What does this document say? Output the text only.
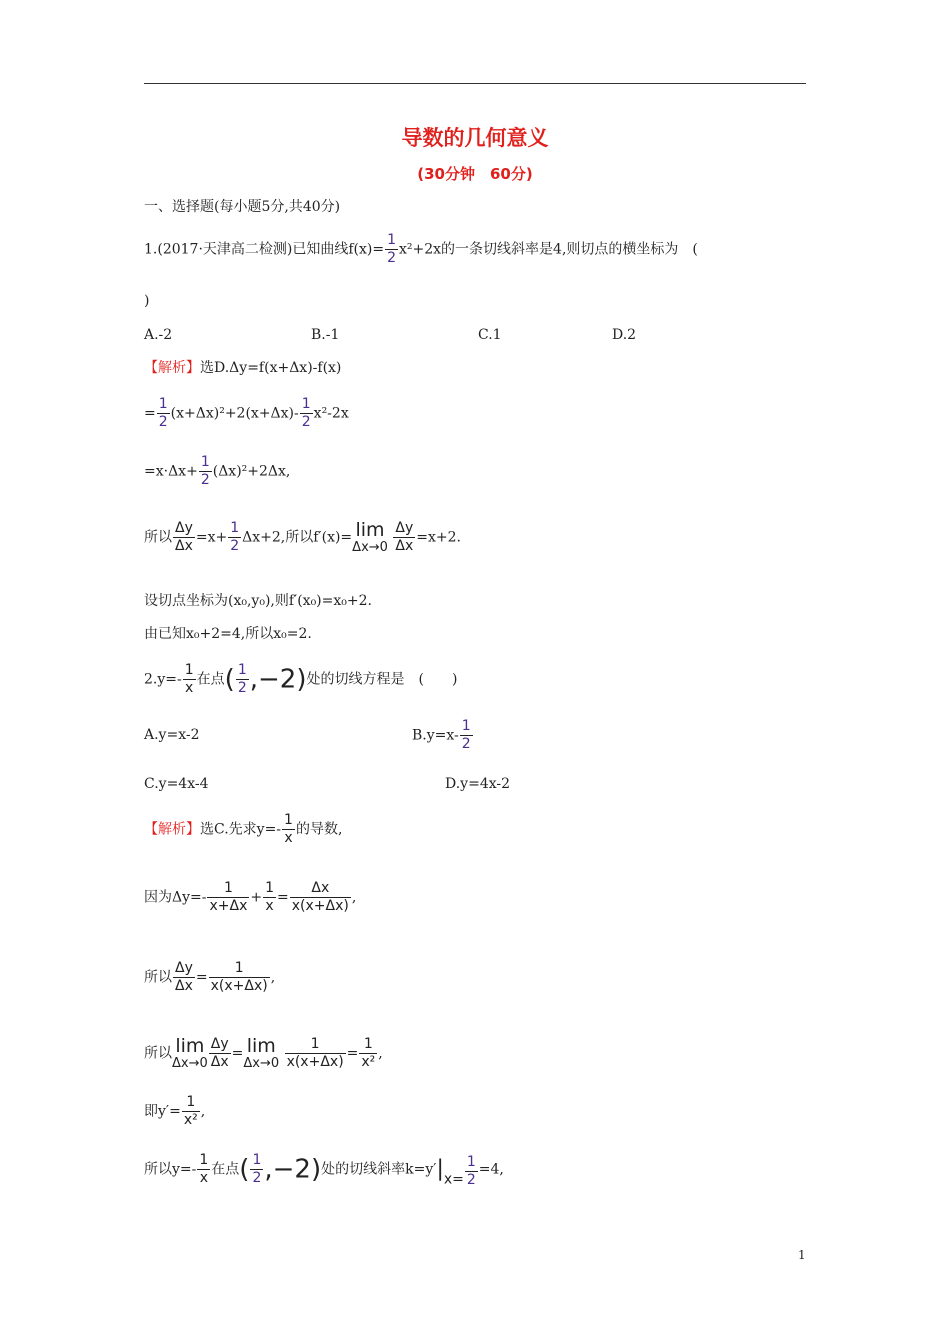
导数的几何意义
(30分钟　60分)
一、选择题(每小题5分,共40分)
1.(2017·天津高二检测)已知曲线$f(x)= \frac{1}{2} x^2+2x$的一条切线斜率是4,则切点的横坐标为　(
)
A.-2	B.-1	C.1	D.2
【解析】选D.Δy=f(x+Δx)-f(x)
= $\frac{1}{2} (x+\Delta x)^2+2(x+\Delta x)- \frac{1}{2} x^2-2x$
$=x\cdot\Delta x+ \frac{1}{2} (\Delta x)^2+2\Delta x$,
所以 $\frac{\Delta y}{\Delta x} =x+ \frac{1}{2} \Delta x+2$,所以f′(x)= lim
Δx→0
$\frac{\Delta y}{\Delta x} =x+2$.
设切点坐标为(x₀,y₀),则f′(x₀)=x₀+2.
由已知x₀+2=4,所以x₀=2.
$2.y=- \frac{1}{x}$ 在点( $\frac{1}{2} ,-2$)处的切线方程是　(　　)
A.y=x-2	$B.y=x- \frac{1}{2}$
C.y=4x-4	D.y=4x-2
【解析】选C.先求$y=- \frac{1}{x}$ 的导数,
因为$\Delta y=- \frac{1}{x+\Delta x} + \frac{1}{x} = \frac{\Delta x}{x(x+\Delta x)}$ ,
所以 $\frac{\Delta y}{\Delta x} = \frac{1}{x(x+\Delta x)}$ ,
所以 lim
$\Delta x\to 0 \frac{\Delta y}{\Delta x} = \lim$
Δx→0
$\frac{1}{x(x+\Delta x)} = \frac{1}{\text{x²}}$ ,
即$y'= \frac{1}{\text{x²}}$ ,
所以$y=- \frac{1}{x}$ 在点( $\frac{1}{2} ,-2$)处的切线斜率$k=y'|x= \frac{1}{2} =4$,
1
